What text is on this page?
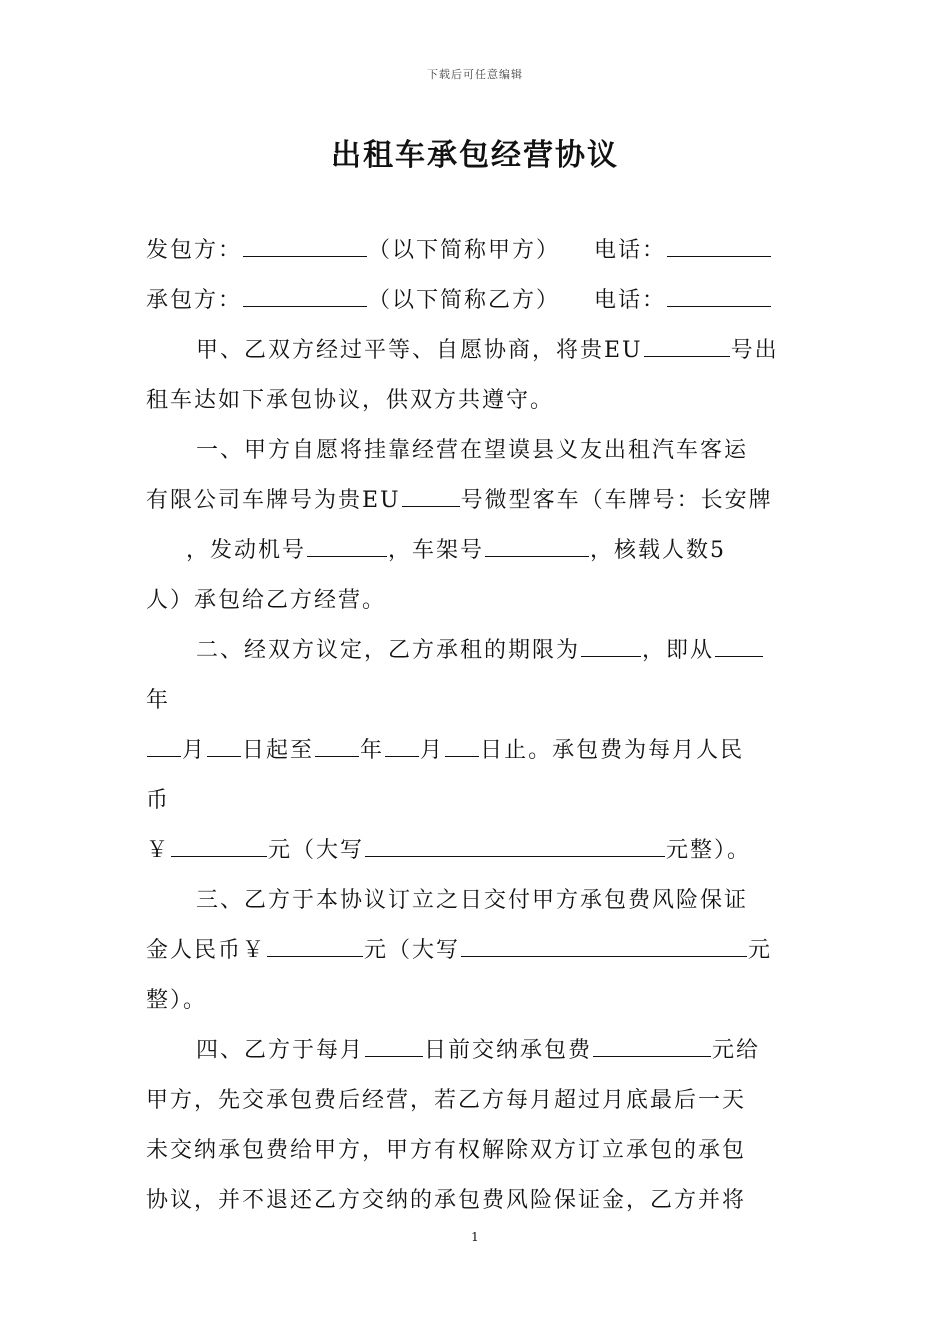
下载后可任意编辑
出租车承包经营协议
发包方：	（以下简称甲方） 电话：
承包方：	（以下简称乙方） 电话：
甲、乙双方经过平等、自愿协商，将贵EU	号出
租车达如下承包协议，供双方共遵守。
一、甲方自愿将挂靠经营在望谟县义友出租汽车客运
有限公司车牌号为贵EU	号微型客车（车牌号：长安牌
，发动机号	，车架号	，核载人数5
人）承包给乙方经营。
二、经双方议定，乙方承租的期限为	，即从
年
月 日起至 年 月 日止。承包费为每月人民
币
￥	元（大写	元整）。
三、乙方于本协议订立之日交付甲方承包费风险保证
金人民币￥	元（大写	元
整）。
四、乙方于每月	日前交纳承包费	元给
甲方，先交承包费后经营，若乙方每月超过月底最后一天
未交纳承包费给甲方，甲方有权解除双方订立承包的承包
协议，并不退还乙方交纳的承包费风险保证金，乙方并将
1
